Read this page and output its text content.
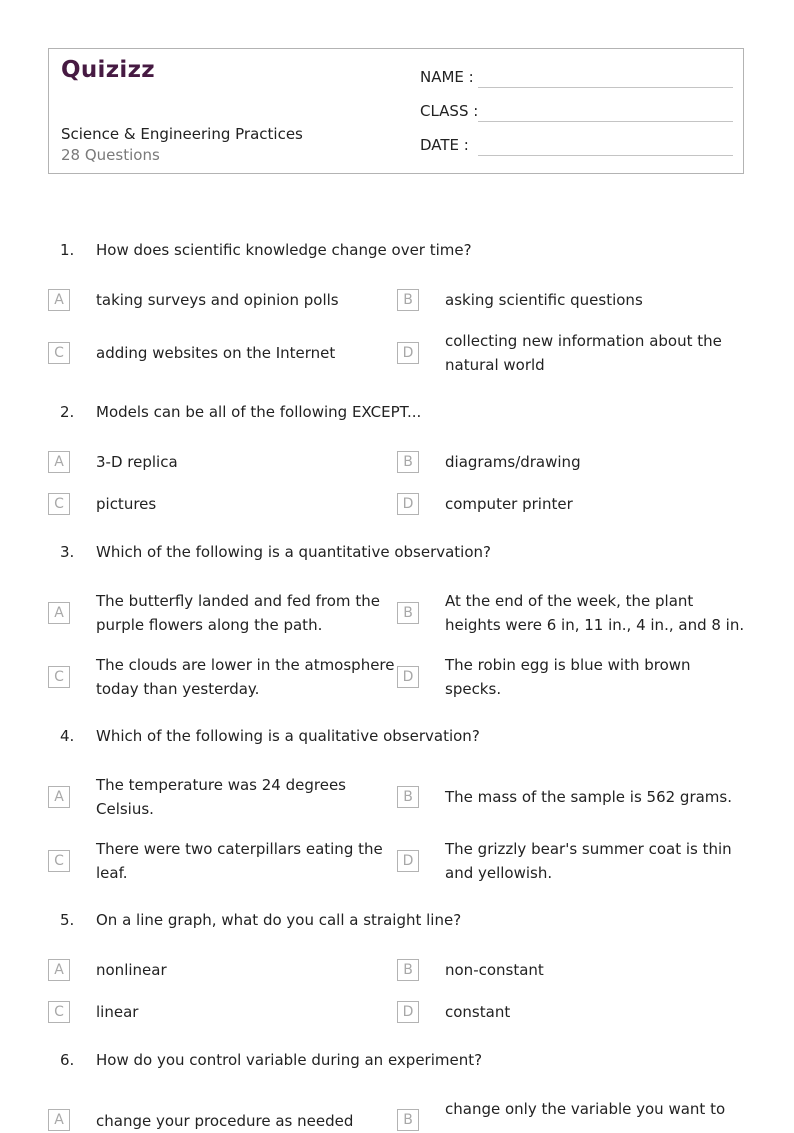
Quizizz
Science & Engineering Practices
28 Questions
NAME :
CLASS :
DATE :
1. How does scientific knowledge change over time?
A	taking surveys and opinion polls	B	asking scientific questions
C	adding websites on the Internet	D
collecting new information about the natural world
2. Models can be all of the following EXCEPT...
A	3-D replica	B	diagrams/drawing
C	pictures	D	computer printer
3. Which of the following is a quantitative observation?
A
The butterfly landed and fed from the purple flowers along the path.
B
At the end of the week, the plant heights were 6 in, 11 in., 4 in., and 8 in.
C
The clouds are lower in the atmosphere today than yesterday.
D
The robin egg is blue with brown specks.
4. Which of the following is a qualitative observation?
A
The temperature was 24 degrees Celsius.
B	The mass of the sample is 562 grams.
C
There were two caterpillars eating the leaf.
D
The grizzly bear's summer coat is thin and yellowish.
5. On a line graph, what do you call a straight line?
A	nonlinear	B	non-constant
C	linear	D	constant
6. How do you control variable during an experiment?
A	change your procedure as needed	B
change only the variable you want to
